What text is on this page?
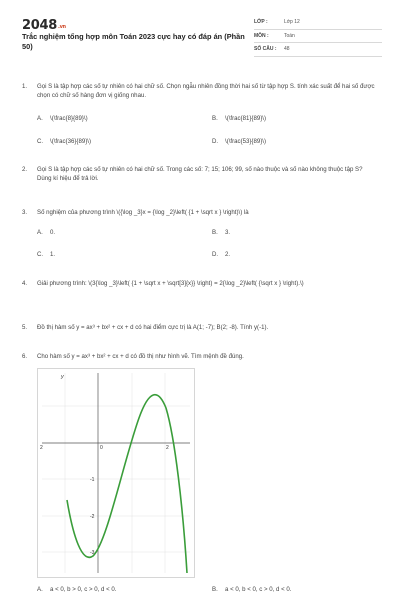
$2048^{.vn}$
Trắc nghiệm tổng hợp môn Toán 2023 cực hay có đáp án (Phần 50)
LỚP :	Lớp 12
MÔN :	Toán
SỐ CÂU :	48
1. Gọi S là tập hợp các số tự nhiên có hai chữ số. Chọn ngẫu nhiên đồng thời hai số từ tập hợp S. tính xác suất để hai số được chọn có chữ số hàng đơn vị giống nhau.
A. \(\frac{8}{89}\)	B. \(\frac{81}{89}\)
C. \(\frac{36}{89}\)	D. \(\frac{53}{89}\)
2. Gọi S là tập hợp các số tự nhiên có hai chữ số. Trong các số: 7; 15; 106; 99, số nào thuộc và số nào không thuộc tập S? Dùng kí hiệu để trả lời.
3. Số nghiệm của phương trình \({\log _3}x = {\log _2}\left( {1 + \sqrt x } \right)\) là
A. 0.	B. 3.
C. 1.	D. 2.
4. Giải phương trình: \(3{\log _3}\left( {1 + \sqrt x + \sqrt[3]{x}} \right) = 2{\log _2}\left( {\sqrt x } \right).\)
5. Đồ thị hàm số y = ax³ + bx² + cx + d có hai điểm cực trị là A(1; -7); B(2; -8). Tính y(-1).
6. Cho hàm số y = ax³ + bx² + cx + d có đồ thị như hình vẽ. Tìm mệnh đề đúng.
y
2	0	2
-1
-2
-3
A. a < 0, b > 0, c > 0, d < 0.	B. a < 0, b < 0, c > 0, d < 0.
